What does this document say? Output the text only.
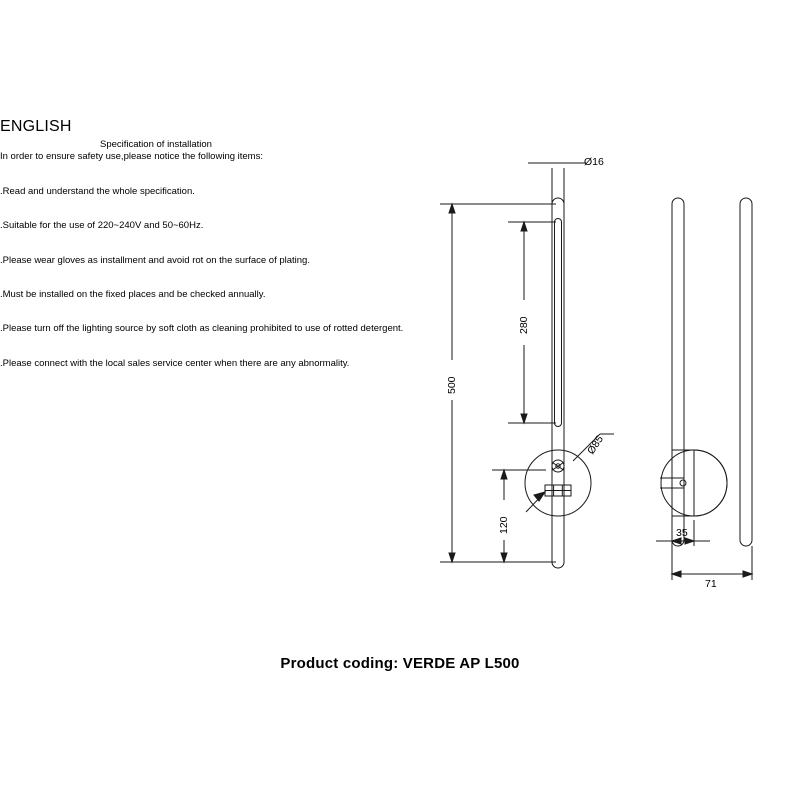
ENGLISH
Specification of installation
In order to ensure safety use,please notice the following items:

.Read and understand the whole specification.

.Suitable for the use of 220~240V and 50~60Hz.

.Please wear gloves as installment and avoid rot on the surface of plating.

.Must be installed on the fixed places and be checked annually.

.Please turn off the lighting source by soft cloth as cleaning prohibited to use of rotted detergent.

.Please connect with the local sales service center when there are any abnormality.

Ø16
280
500
Ø85
120	35
71
Product coding: VERDE AP L500
